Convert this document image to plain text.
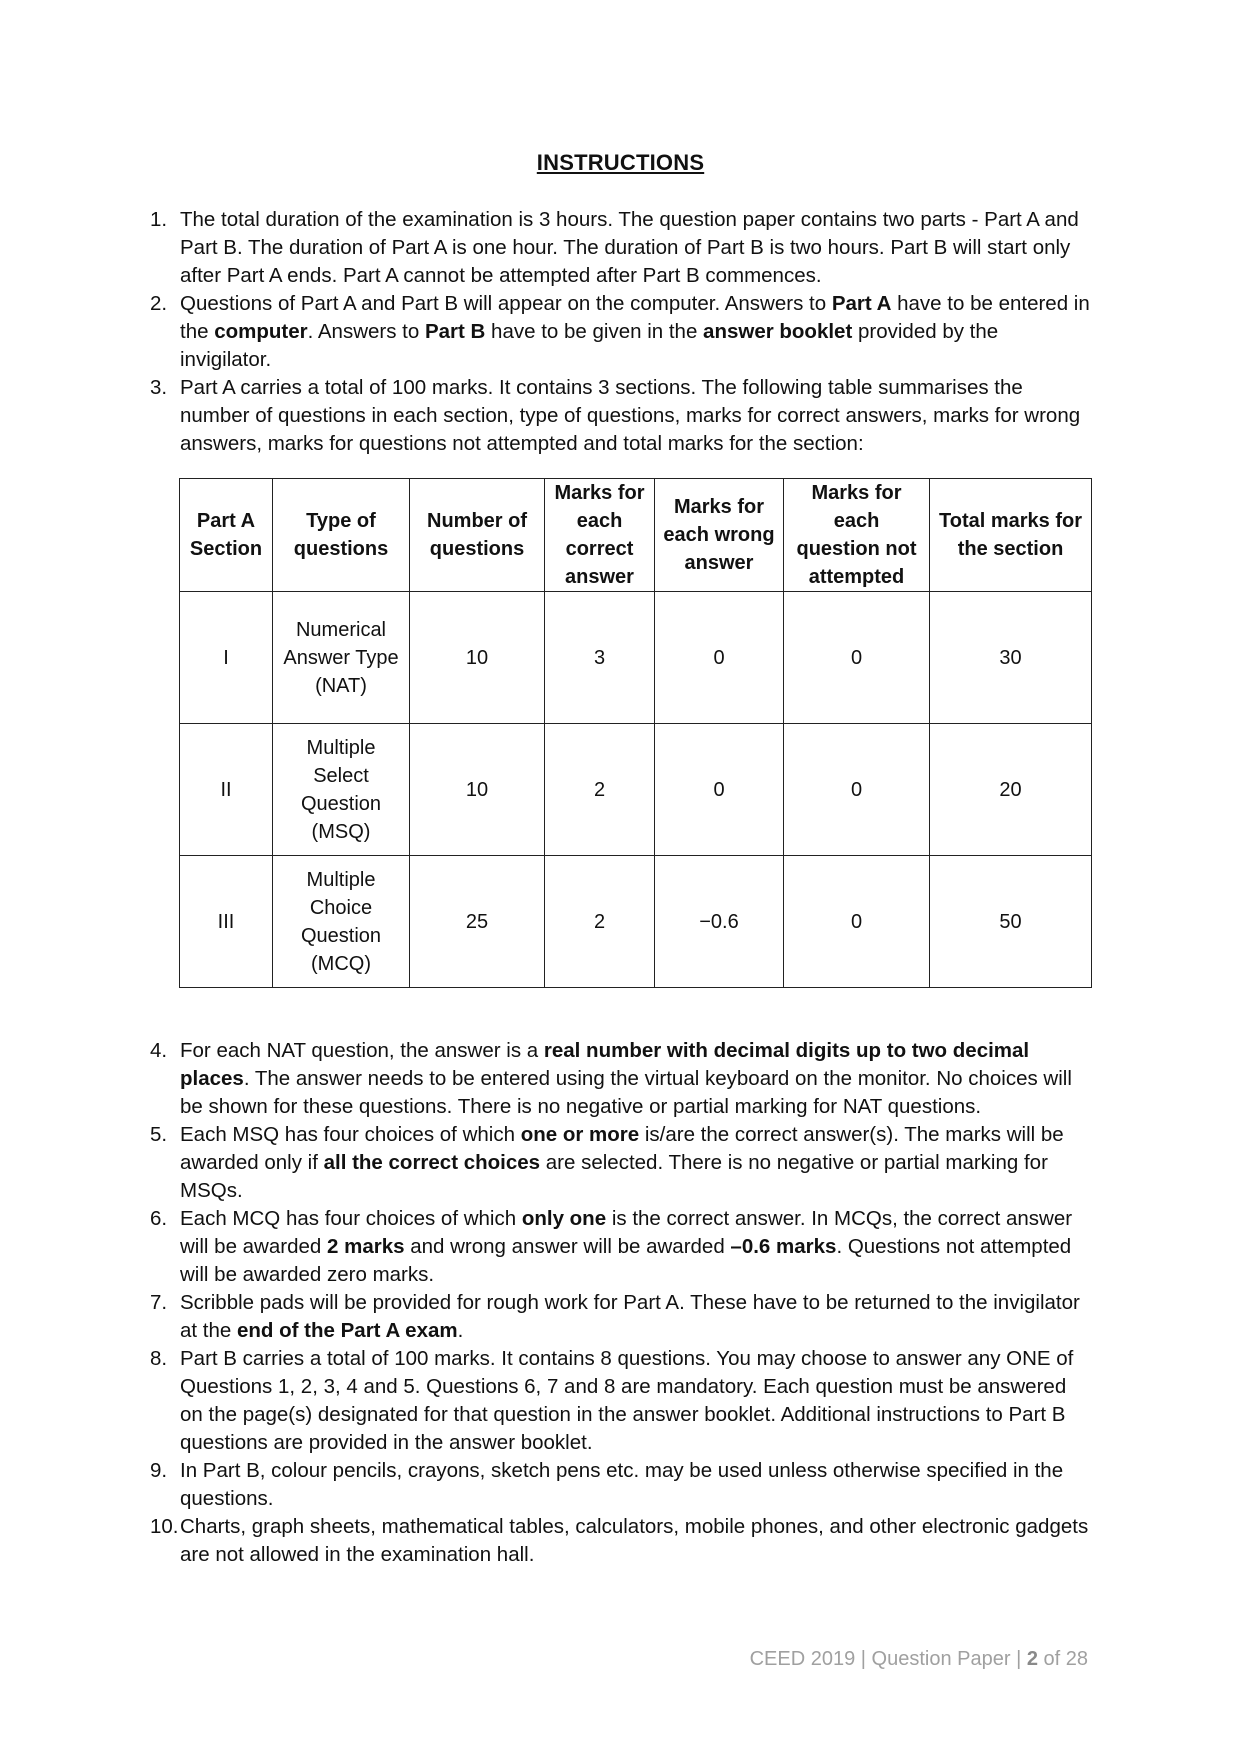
INSTRUCTIONS
1. The total duration of the examination is 3 hours. The question paper contains two parts - Part A and Part B. The duration of Part A is one hour. The duration of Part B is two hours. Part B will start only after Part A ends. Part A cannot be attempted after Part B commences.
2. Questions of Part A and Part B will appear on the computer. Answers to Part A have to be entered in the computer. Answers to Part B have to be given in the answer booklet provided by the invigilator.
3. Part A carries a total of 100 marks. It contains 3 sections. The following table summarises the number of questions in each section, type of questions, marks for correct answers, marks for wrong answers, marks for questions not attempted and total marks for the section:
Part A Section	Type of questions	Number of questions	Marks for each correct answer	Marks for each wrong answer	Marks for each question not attempted	Total marks for the section
I	Numerical Answer Type (NAT)	10	3	0	0	30
II	Multiple Select Question (MSQ)	10	2	0	0	20
III	Multiple Choice Question (MCQ)	25	2	−0.6	0	50
4. For each NAT question, the answer is a real number with decimal digits up to two decimal places. The answer needs to be entered using the virtual keyboard on the monitor. No choices will be shown for these questions. There is no negative or partial marking for NAT questions.
5. Each MSQ has four choices of which one or more is/are the correct answer(s). The marks will be awarded only if all the correct choices are selected. There is no negative or partial marking for MSQs.
6. Each MCQ has four choices of which only one is the correct answer. In MCQs, the correct answer will be awarded 2 marks and wrong answer will be awarded –0.6 marks. Questions not attempted will be awarded zero marks.
7. Scribble pads will be provided for rough work for Part A. These have to be returned to the invigilator at the end of the Part A exam.
8. Part B carries a total of 100 marks. It contains 8 questions. You may choose to answer any ONE of Questions 1, 2, 3, 4 and 5. Questions 6, 7 and 8 are mandatory. Each question must be answered on the page(s) designated for that question in the answer booklet. Additional instructions to Part B questions are provided in the answer booklet.
9. In Part B, colour pencils, crayons, sketch pens etc. may be used unless otherwise specified in the questions.
10. Charts, graph sheets, mathematical tables, calculators, mobile phones, and other electronic gadgets are not allowed in the examination hall.
CEED 2019 | Question Paper | 2 of 28
